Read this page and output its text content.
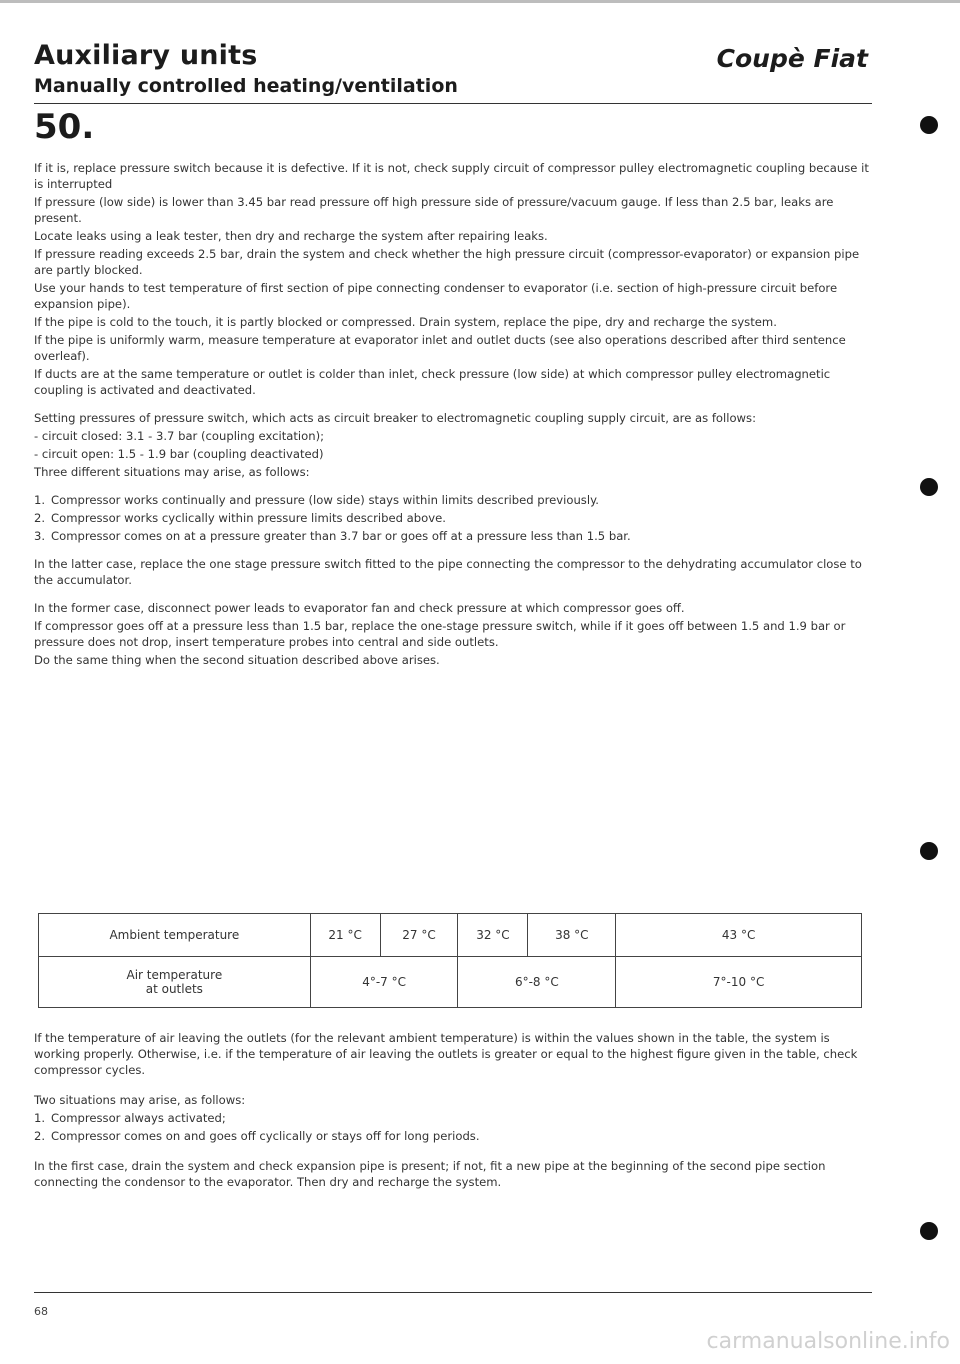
Auxiliary units	Coupè Fiat
Manually controlled heating/ventilation
50.

If it is, replace pressure switch because it is defective. If it is not, check supply circuit of compressor pulley electromagnetic coupling because it is interrupted

If pressure (low side) is lower than 3.45 bar read pressure off high pressure side of pressure/vacuum gauge. If less than 2.5 bar, leaks are present.

Locate leaks using a leak tester, then dry and recharge the system after repairing leaks.

If pressure reading exceeds 2.5 bar, drain the system and check whether the high pressure circuit (compressor-evaporator) or expansion pipe are partly blocked.

Use your hands to test temperature of first section of pipe connecting condenser to evaporator (i.e. section of high-pressure circuit before expansion pipe).

If the pipe is cold to the touch, it is partly blocked or compressed. Drain system, replace the pipe, dry and recharge the system.

If the pipe is uniformly warm, measure temperature at evaporator inlet and outlet ducts (see also operations described after third sentence overleaf).

If ducts are at the same temperature or outlet is colder than inlet, check pressure (low side) at which compressor pulley electromagnetic coupling is activated and deactivated.

Setting pressures of pressure switch, which acts as circuit breaker to electromagnetic coupling supply circuit, are as follows:

- circuit closed: 3.1 - 3.7 bar (coupling excitation);

- circuit open: 1.5 - 1.9 bar (coupling deactivated)

Three different situations may arise, as follows:

1. Compressor works continually and pressure (low side) stays within limits described previously.

2. Compressor works cyclically within pressure limits described above.

3. Compressor comes on at a pressure greater than 3.7 bar or goes off at a pressure less than 1.5 bar.

In the latter case, replace the one stage pressure switch fitted to the pipe connecting the compressor to the dehydrating accumulator close to the accumulator.

In the former case, disconnect power leads to evaporator fan and check pressure at which compressor goes off.

If compressor goes off at a pressure less than 1.5 bar, replace the one-stage pressure switch, while if it goes off between 1.5 and 1.9 bar or pressure does not drop, insert temperature probes into central and side outlets.

Do the same thing when the second situation described above arises.

Ambient temperature	21 °C	27 °C	32 °C	38 °C	43 °C

Air temperature
at outlets	4°-7 °C		6°-8 °C		7°-10 °C

If the temperature of air leaving the outlets (for the relevant ambient temperature) is within the values shown in the table, the system is working properly. Otherwise, i.e. if the temperature of air leaving the outlets is greater or equal to the highest figure given in the table, check compressor cycles.

Two situations may arise, as follows:

1. Compressor always activated;

2. Compressor comes on and goes off cyclically or stays off for long periods.

In the first case, drain the system and check expansion pipe is present; if not, fit a new pipe at the beginning of the second pipe section connecting the condensor to the evaporator. Then dry and recharge the system.

68
carmanualsonline.info
